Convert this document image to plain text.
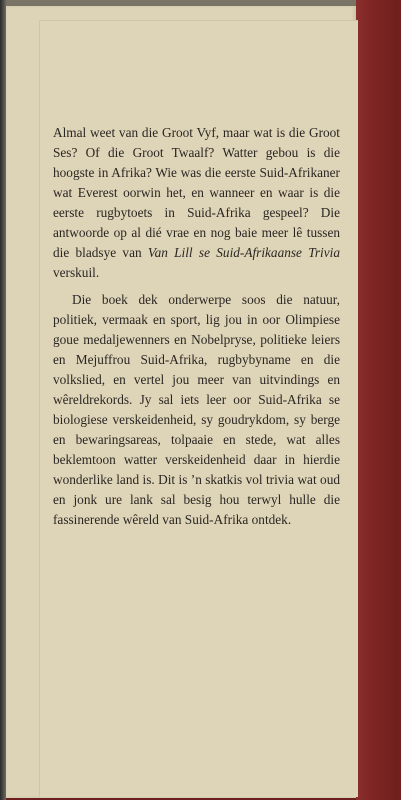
Almal weet van die Groot Vyf, maar wat is die Groot Ses? Of die Groot Twaalf? Watter gebou is die hoogste in Afrika? Wie was die eerste Suid-Afrikaner wat Everest oorwin het, en wanneer en waar is die eerste rugbytoets in Suid-Afrika gespeel? Die antwoorde op al dié vrae en nog baie meer lê tussen die bladsye van Van Lill se Suid-Afrikaanse Trivia verskuil.

Die boek dek onderwerpe soos die natuur, politiek, vermaak en sport, lig jou in oor Olimpiese goue medaljewenners en Nobelpryse, politieke leiers en Mejuffrou Suid-Afrika, rugbybyname en die volkslied, en vertel jou meer van uitvindings en wêreldrekords. Jy sal iets leer oor Suid-Afrika se biologiese verskeidenheid, sy goudrykdom, sy berge en bewaringsareas, tolpaaie en stede, wat alles beklemtoon watter verskeidenheid daar in hierdie wonderlike land is. Dit is ’n skatkis vol trivia wat oud en jonk ure lank sal besig hou terwyl hulle die fassinerende wêreld van Suid-Afrika ontdek.
